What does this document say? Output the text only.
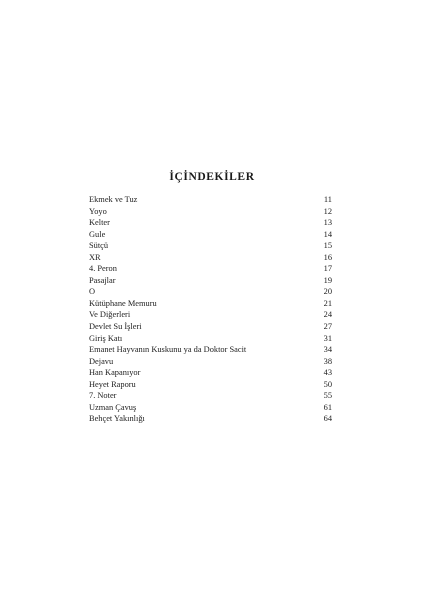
İÇİNDEKİLER
Ekmek ve Tuz	11
Yoyo	12
Kelter	13
Gule	14
Sütçü	15
XR	16
4. Peron	17
Pasajlar	19
O	20
Kütüphane Memuru	21
Ve Diğerleri	24
Devlet Su İşleri	27
Giriş Katı	31
Emanet Hayvanın Kuskunu ya da Doktor Sacit	34
Dejavu	38
Han Kapanıyor	43
Heyet Raporu	50
7. Noter	55
Uzman Çavuş	61
Behçet Yakınlığı	64
